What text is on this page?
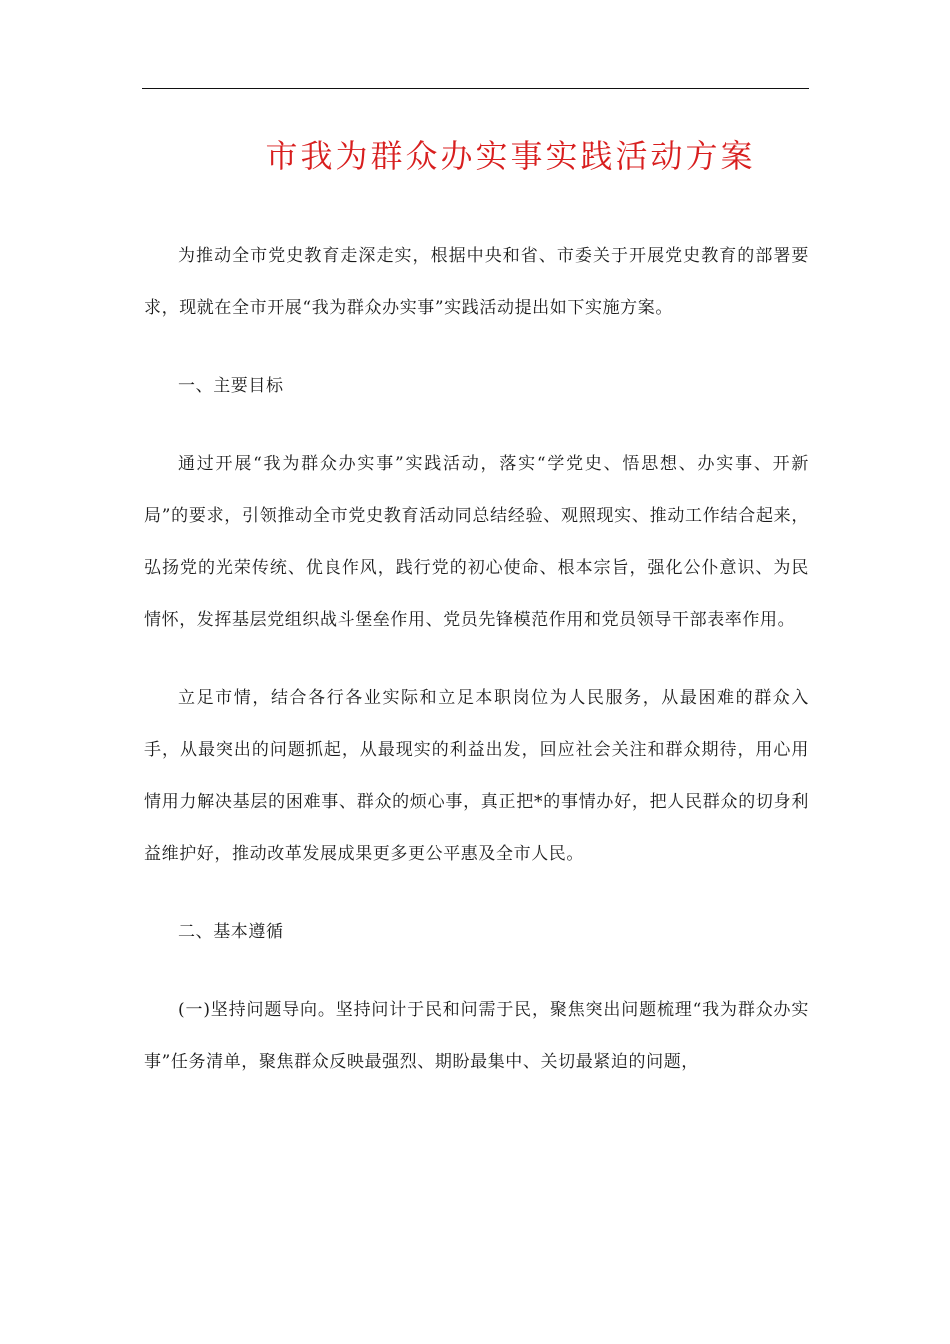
市我为群众办实事实践活动方案

为推动全市党史教育走深走实，根据中央和省、市委关于开展党史教育的部署要求，现就在全市开展“我为群众办实事”实践活动提出如下实施方案。

一、主要目标

通过开展“我为群众办实事”实践活动，落实“学党史、悟思想、办实事、开新局”的要求，引领推动全市党史教育活动同总结经验、观照现实、推动工作结合起来，弘扬党的光荣传统、优良作风，践行党的初心使命、根本宗旨，强化公仆意识、为民情怀，发挥基层党组织战斗堡垒作用、党员先锋模范作用和党员领导干部表率作用。

立足市情，结合各行各业实际和立足本职岗位为人民服务，从最困难的群众入手，从最突出的问题抓起，从最现实的利益出发，回应社会关注和群众期待，用心用情用力解决基层的困难事、群众的烦心事，真正把*的事情办好，把人民群众的切身利益维护好，推动改革发展成果更多更公平惠及全市人民。

二、基本遵循

(一)坚持问题导向。坚持问计于民和问需于民，聚焦突出问题梳理“我为群众办实事”任务清单，聚焦群众反映最强烈、期盼最集中、关切最紧迫的问题，
